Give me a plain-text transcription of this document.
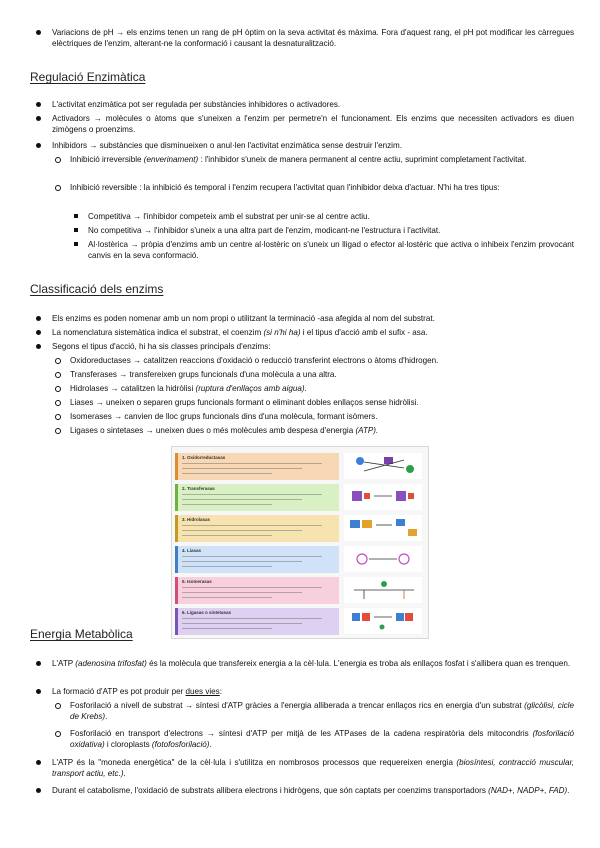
Variacions de pH → els enzims tenen un rang de pH òptim on la seva activitat és màxima. Fora d'aquest rang, el pH pot modificar les càrregues elèctriques de l'enzim, alterant-ne la conformació i causant la desnaturalització.
Regulació Enzimàtica
L'activitat enzimàtica pot ser regulada per substàncies inhibidores o activadores.
Activadors → molècules o àtoms que s'uneixen a l'enzim per permetre'n el funcionament. Els enzims que necessiten activadors es diuen zimògens o proenzims.
Inhibidors → substàncies que disminueixen o anul·len l'activitat enzimàtica sense destruir l'enzim.
Inhibició irreversible (enverinament) : l'inhibidor s'uneix de manera permanent al centre actiu, suprimint completament l'activitat.
Inhibició reversible : la inhibició és temporal i l'enzim recupera l'activitat quan l'inhibidor deixa d'actuar. N'hi ha tres tipus:
Competitiva → l'inhibidor competeix amb el substrat per unir-se al centre actiu.
No competitiva → l'inhibidor s'uneix a una altra part de l'enzim, modicant-ne l'estructura i l'activitat.
Al·lostèrica → pròpia d'enzims amb un centre al·lostèric on s'uneix un lligad o efector al·lostèric que activa o inhibeix l'enzim provocant canvis en la seva conformació.
Classificació dels enzims
Els enzims es poden nomenar amb un nom propi o utilitzant la terminació -asa afegida al nom del substrat.
La nomenclatura sistemàtica indica el substrat, el coenzim (si n'hi ha) i el tipus d'acció amb el sufix - asa.
Segons el tipus d'acció, hi ha sis classes principals d'enzims:
Oxidoreductases → catalitzen reaccions d'oxidació o reducció transferint electrons o àtoms d'hidrogen.
Transferases → transfereixen grups funcionals d'una molècula a una altra.
Hidrolases → catalitzen la hidròlisi (ruptura d'enllaços amb aigua).
Liases → uneixen o separen grups funcionals formant o eliminant dobles enllaços sense hidròlisi.
Isomerases → canvien de lloc grups funcionals dins d'una molècula, formant isòmers.
Ligases o sintetases → uneixen dues o més molècules amb despesa d'energia (ATP).
1. Oxidorreductasas
2. Transferasas
3. Hidrolasas
4. Liasas
5. Isomerasas
6. Ligasas o sintetasas
Energia Metabòlica
L'ATP (adenosina trifosfat) és la molècula que transfereix energia a la cèl·lula. L'energia es troba als enllaços fosfat i s'allibera quan es trenquen.
La formació d'ATP es pot produir per dues vies:
Fosforilació a nivell de substrat → síntesi d'ATP gràcies a l'energia alliberada a trencar enllaços rics en energia d'un substrat (glicòlisi, cicle de Krebs).
Fosforilació en transport d'electrons → síntesi d'ATP per mitjà de les ATPases de la cadena respiratòria dels mitocondris (fosforilació oxidativa) i cloroplasts (fotofosforilació).
L'ATP és la "moneda energètica" de la cèl·lula i s'utilitza en nombrosos processos que requereixen energia (biosíntesi, contracció muscular, transport actiu, etc.).
Durant el catabolisme, l'oxidació de substrats allibera electrons i hidrògens, que són captats per coenzims transportadors (NAD+, NADP+, FAD).
